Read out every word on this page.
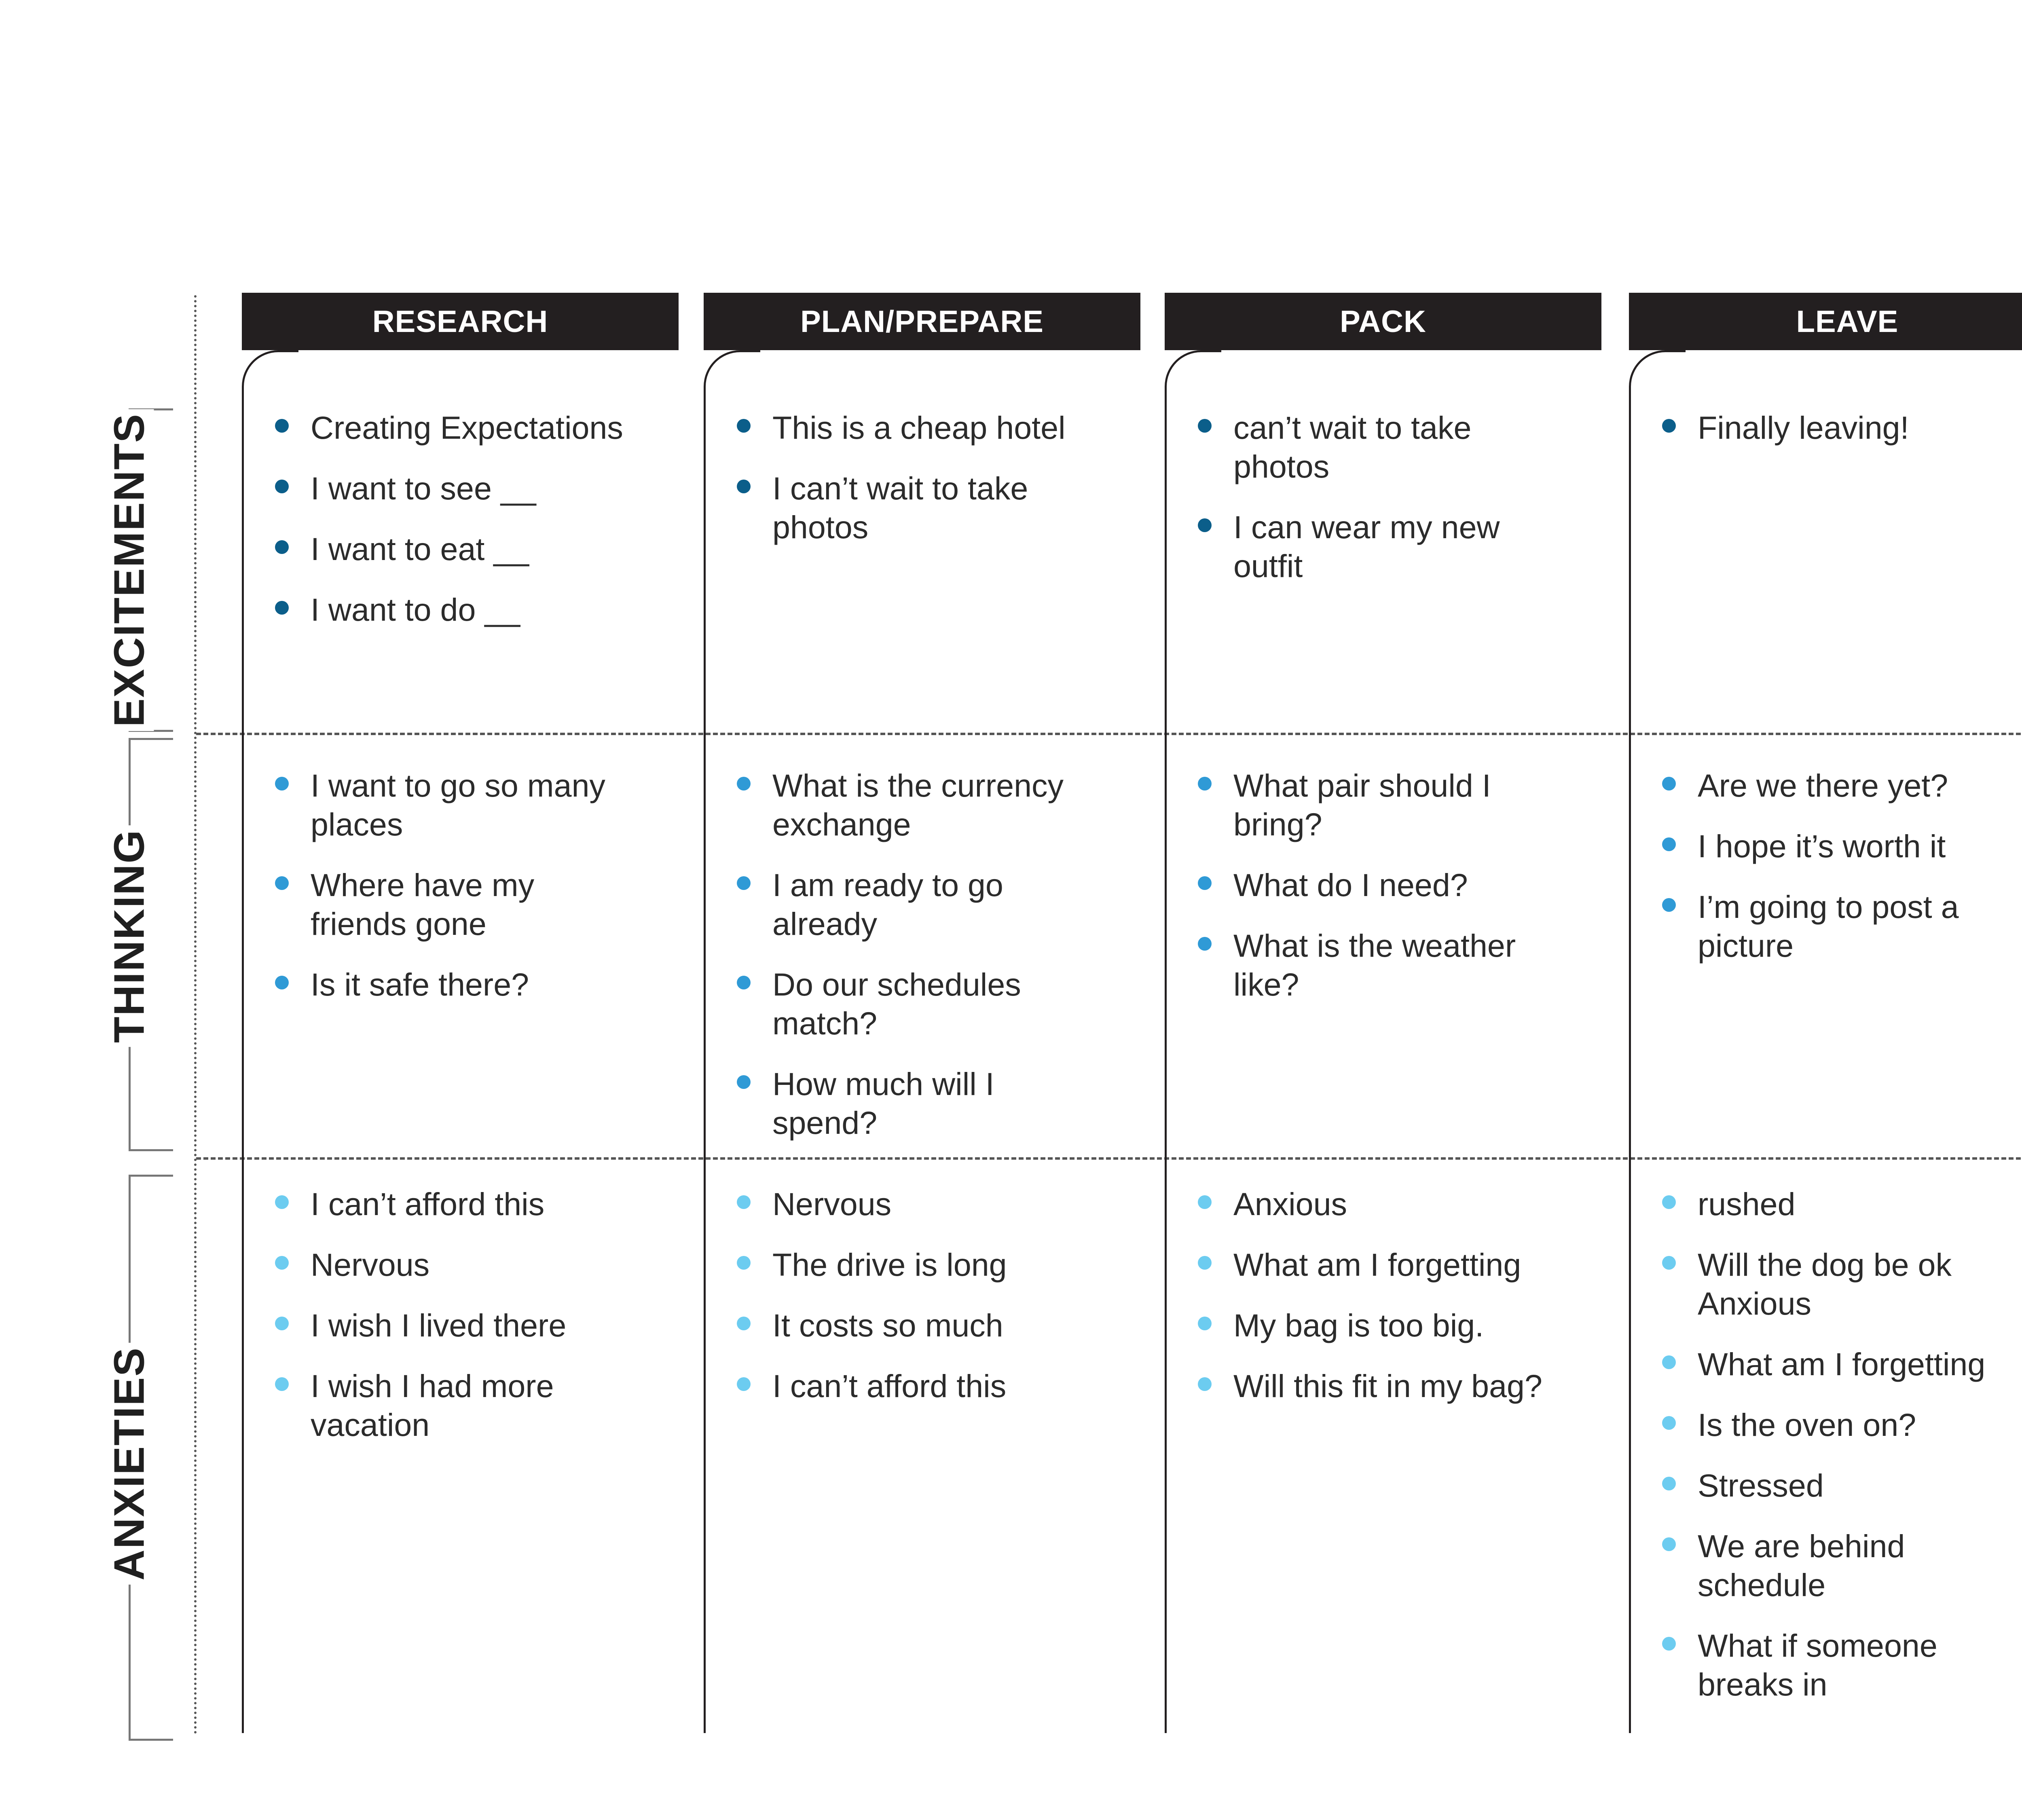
EXCITEMENTS
THINKING
ANXIETIES
RESEARCH
Creating Expectations
I want to see __
I want to eat __
I want to do __
I want to go so many places
Where have my friends gone
Is it safe there?
I can’t afford this
Nervous
I wish I lived there
I wish I had more vacation
PLAN/PREPARE
This is a cheap hotel
I can’t wait to take photos
What is the currency exchange
I am ready to go already
Do our schedules match?
How much will I spend?
Nervous
The drive is long
It costs so much
I can’t afford this
PACK
can’t wait to take photos
I can wear my new outfit
What pair should I bring?
What do I need?
What is the weather like?
Anxious
What am I forgetting
My bag is too big.
Will this fit in my bag?
LEAVE
Finally leaving!
Are we there yet?
I hope it’s worth it
I’m going to post a picture
rushed
Will the dog be ok Anxious
What am I forgetting
Is the oven on?
Stressed
We are behind schedule
What if someone breaks in
